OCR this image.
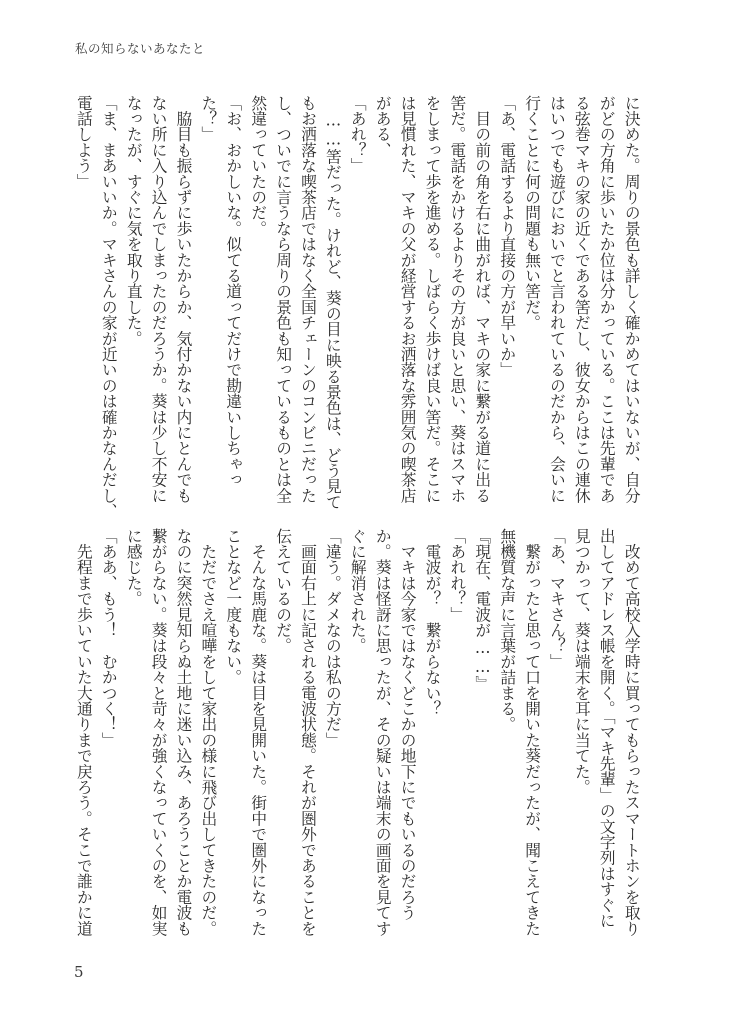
私の知らないあなたと
に決めた。周りの景色も詳しく確かめてはいないが、自分
がどの方角に歩いたか位は分かっている。ここは先輩であ
る弦巻マキの家の近くである筈だし、彼女からはこの連休
はいつでも遊びにおいでと言われているのだから、会いに
行くことに何の問題も無い筈だ。
「あ、電話するより直接の方が早いか」
　目の前の角を右に曲がれば、マキの家に繋がる道に出る
筈だ。電話をかけるよりその方が良いと思い、葵はスマホ
をしまって歩を進める。しばらく歩けば良い筈だ。そこに
は見慣れた、マキの父が経営するお洒落な雰囲気の喫茶店
がある、
「あれ？」
　……筈だった。けれど、葵の目に映る景色は、どう見て
もお洒落な喫茶店ではなく全国チェーンのコンビニだった
し、ついでに言うなら周りの景色も知っているものとは全
然違っていたのだ。
「お、おかしいな。似てる道ってだけで勘違いしちゃっ
た？」
　脇目も振らずに歩いたからか、気付かない内にとんでも
ない所に入り込んでしまったのだろうか。葵は少し不安に
なったが、すぐに気を取り直した。
「ま、まあいいか。マキさんの家が近いのは確かなんだし、
電話しよう」
　改めて高校入学時に買ってもらったスマートホンを取り
出してアドレス帳を開く。「マキ先輩」の文字列はすぐに
見つかって、葵は端末を耳に当てた。
「あ、マキさん？」
　繋がったと思って口を開いた葵だったが、聞こえてきた
無機質な声に言葉が詰まる。
『現在、電波が……』
「あれれ？」
　電波が？　繋がらない？
　マキは今家ではなくどこかの地下にでもいるのだろう
か。葵は怪訝に思ったが、その疑いは端末の画面を見てす
ぐに解消された。
「違う。ダメなのは私の方だ」
　画面右上に記される電波状態。それが圏外であることを
伝えているのだ。
　そんな馬鹿な。葵は目を見開いた。街中で圏外になった
ことなど一度もない。
　ただでさえ喧嘩をして家出の様に飛び出してきたのだ。
なのに突然見知らぬ土地に迷い込み、あろうことか電波も
繋がらない。葵は段々と苛々が強くなっていくのを、如実
に感じた。
「ああ、もう！　むかつく！」
　先程まで歩いていた大通りまで戻ろう。そこで誰かに道
5
